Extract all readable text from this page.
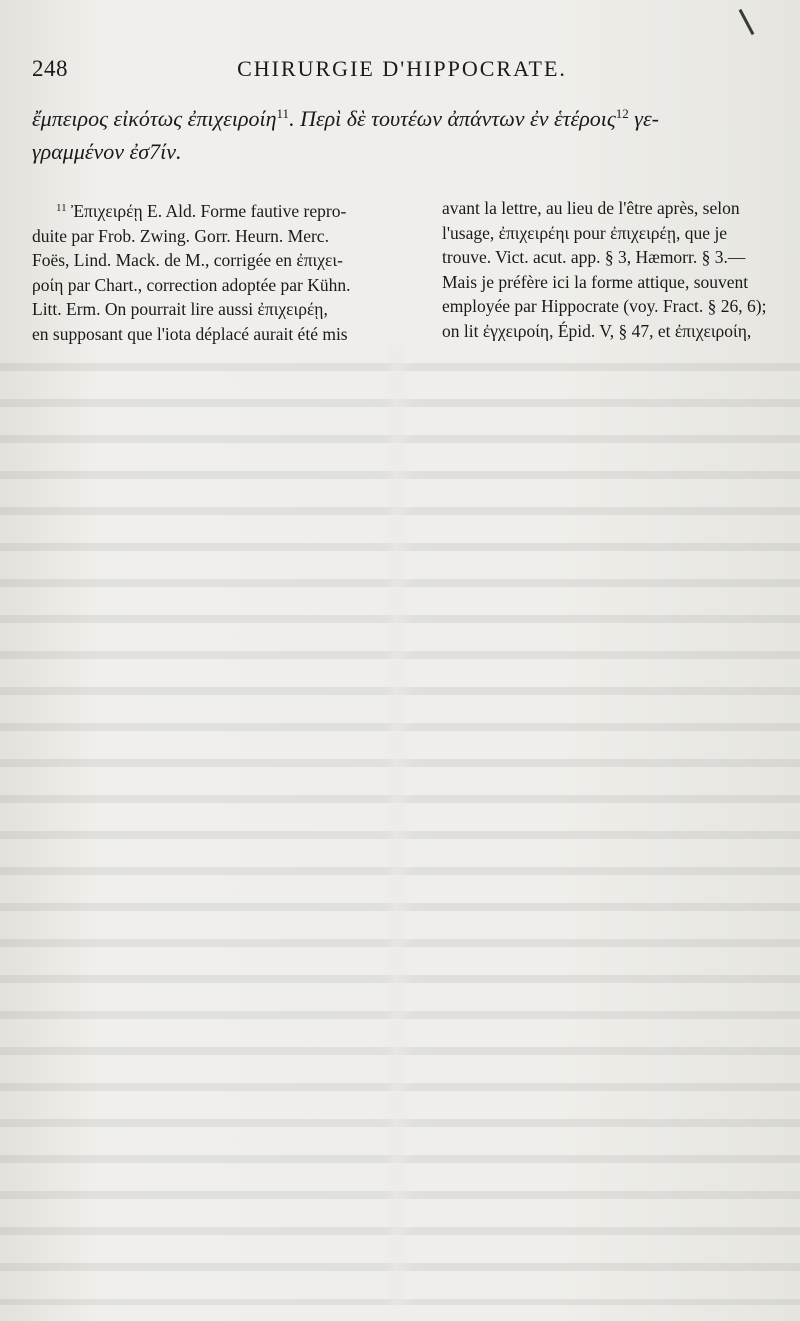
248	CHIRURGIE D'HIPPOCRATE.
ἔμπειρος εἰκότως ἐπιχειροίη$^{11}$. Περὶ δὲ τουτέων ἀπάντων ἐν ἑτέροις$^{12}$ γε-
γραμμένον ἐσ7ίν.
$^{11}$ Ἐπιχειρέῃ E. Ald. Forme fautive repro-
duite par Frob. Zwing. Gorr. Heurn. Merc.
Foës, Lind. Mack. de M., corrigée en ἐπιχει-
ροίη par Chart., correction adoptée par Kühn.
Litt. Erm. On pourrait lire aussi ἐπιχειρέῃ,
en supposant que l'iota déplacé aurait été mis
avant la lettre, au lieu de l'être après, selon
l'usage, ἐπιχειρέηι pour ἐπιχειρέῃ, que je
trouve. Vict. acut. app. § 3, Hæmorr. § 3.—
Mais je préfère ici la forme attique, souvent
employée par Hippocrate (voy. Fract. § 26, 6);
on lit ἐγχειροίη, Épid. V, § 47, et ἐπιχειροίη,
